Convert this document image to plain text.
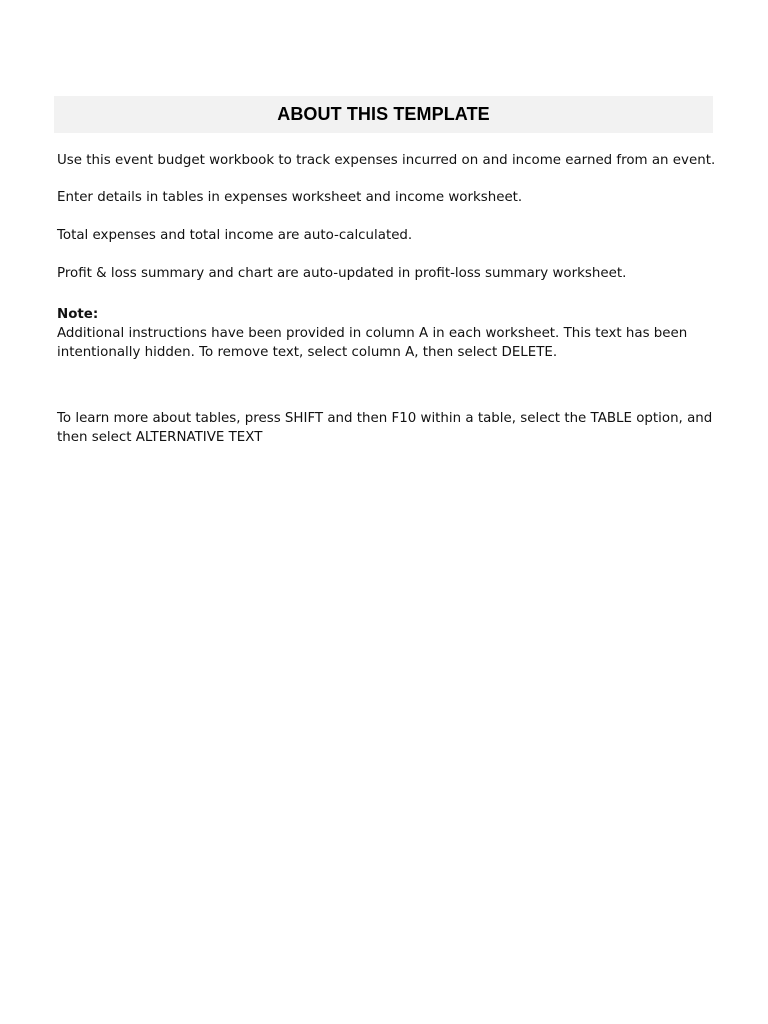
ABOUT THIS TEMPLATE

Use this event budget workbook to track expenses incurred on and income earned from an event.

Enter details in tables in expenses worksheet and income worksheet.

Total expenses and total income are auto-calculated.

Profit & loss summary and chart are auto-updated in profit-loss summary worksheet.

Note:
Additional instructions have been provided in column A in each worksheet. This text has been intentionally hidden. To remove text, select column A, then select DELETE.

To learn more about tables, press SHIFT and then F10 within a table, select the TABLE option, and then select ALTERNATIVE TEXT
